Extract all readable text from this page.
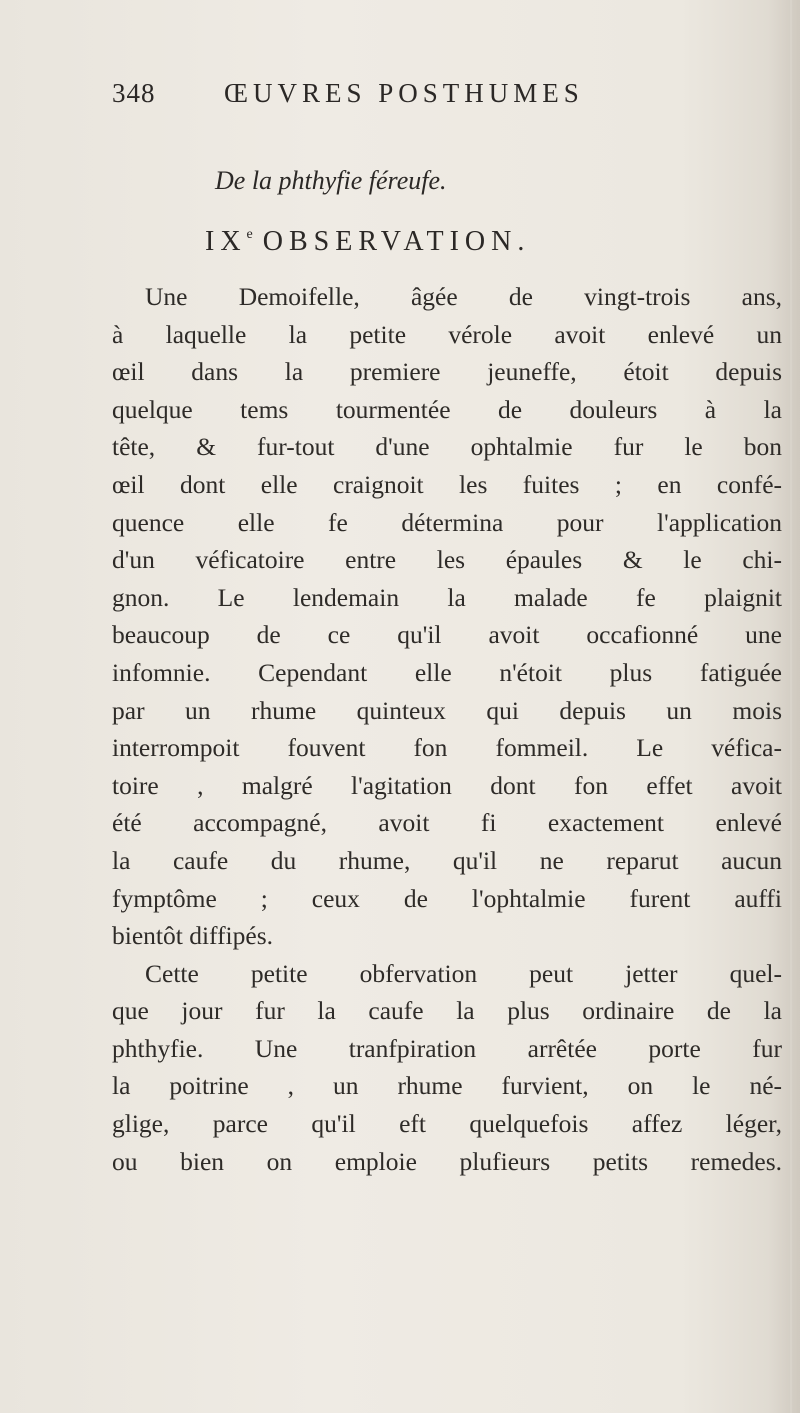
348	ŒUVRES POSTHUMES
De la phthyfie féreufe.
IXe OBSERVATION.
Une Demoifelle, âgée de vingt-trois ans,
à laquelle la petite vérole avoit enlevé un
œil dans la premiere jeuneffe, étoit depuis
quelque tems tourmentée de douleurs à la
tête, & fur-tout d'une ophtalmie fur le bon
œil dont elle craignoit les fuites ; en confé-
quence elle fe détermina pour l'application
d'un véficatoire entre les épaules & le chi-
gnon. Le lendemain la malade fe plaignit
beaucoup de ce qu'il avoit occafionné une
infomnie. Cependant elle n'étoit plus fatiguée
par un rhume quinteux qui depuis un mois
interrompoit fouvent fon fommeil. Le véfica-
toire , malgré l'agitation dont fon effet avoit
été accompagné, avoit fi exactement enlevé
la caufe du rhume, qu'il ne reparut aucun
fymptôme ; ceux de l'ophtalmie furent auffi
bientôt diffipés.
Cette petite obfervation peut jetter quel-
que jour fur la caufe la plus ordinaire de la
phthyfie. Une tranfpiration arrêtée porte fur
la poitrine , un rhume furvient, on le né-
glige, parce qu'il eft quelquefois affez léger,
ou bien on emploie plufieurs petits remedes.
